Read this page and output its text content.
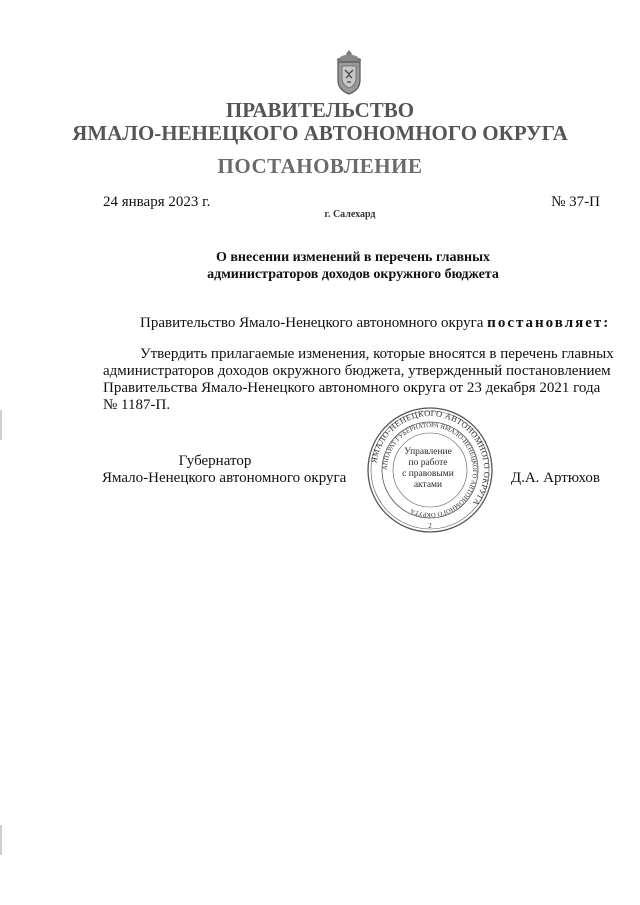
ПРАВИТЕЛЬСТВО
ЯМАЛО-НЕНЕЦКОГО АВТОНОМНОГО ОКРУГА
ПОСТАНОВЛЕНИЕ
24 января 2023 г.	№ 37-П
г. Салехард
О внесении изменений в перечень главных
администраторов доходов окружного бюджета
Правительство Ямало-Ненецкого автономного округа постановляет:
Утвердить прилагаемые изменения, которые вносятся в перечень главных
администраторов доходов окружного бюджета, утвержденный постановлением
Правительства Ямало-Ненецкого автономного округа от 23 декабря 2021 года
№ 1187-П.
Губернатор
Ямало-Ненецкого автономного округа	Д.А. Артюхов
ЯМАЛО-НЕНЕЦКОГО АВТОНОМНОГО ОКРУГА
АППАРАТ ГУБЕРНАТОРА ЯМАЛО-НЕНЕЦКОГО АВТОНОМНОГО ОКРУГА
2
Управление
по работе
с правовыми
актами
